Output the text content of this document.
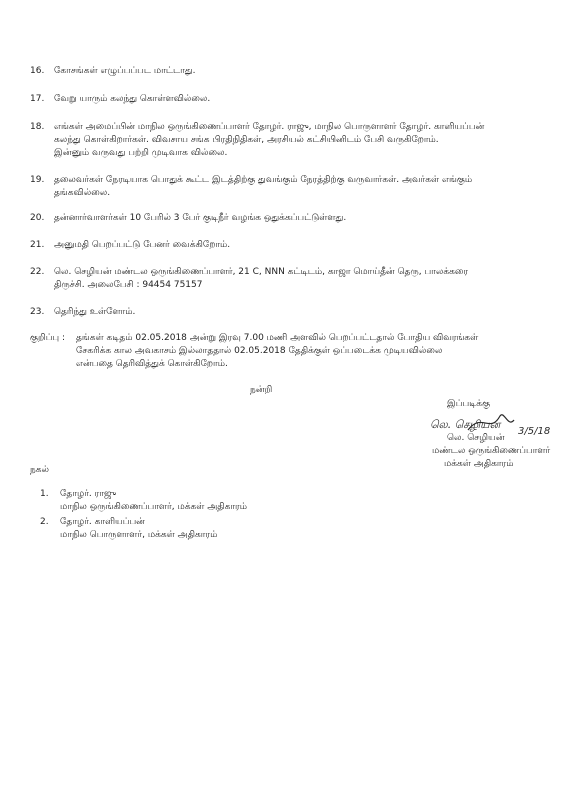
16. கோசங்கள் எழுப்பப்பட மாட்டாது.
17. வேறு யாரும் கலந்து கொள்ளவில்லை.
18. எங்கள் அமைப்பின் மாநில ஒருங்கிணைப்பாளர் தோழர். ராஜு, மாநில பொருளாளர் தோழர். காளியப்பன்
கலந்து கொள்கிறார்கள். விவசாய சங்க பிரதிநிதிகள், அரசியல் கட்சியினிடம் பேசி வருகிறோம்.
இன்னும் வருவது பற்றி முடிவாக வில்லை.
19. தலைவர்கள் நேரடியாக பொதுக் கூட்ட இடத்திற்கு துவங்கும் நேரத்திற்கு வருவார்கள். அவர்கள் எங்கும்
தங்கவில்லை.
20. தன்னார்வாளர்கள் 10 பேரில் 3 பேர் குடிநீர் வழங்க ஒதுக்கப்பட்டுள்ளது.
21. அனுமதி பெறப்பட்டு பேனர் வைக்கிறோம்.
22. லெ. செழியன் மண்டல ஒருங்கிணைப்பாளர், 21 C, NNN கட்டிடம், காஜா மொய்தீன் தெரு, பாலக்கரை
திருச்சி. அலைபேசி : 94454 75157
23. தெரிந்து உள்ளோம்.
குறிப்பு : தங்கள் கடிதம் 02.05.2018 அன்று இரவு 7.00 மணி அளவில் பெறப்பட்டதால் போதிய விவரங்கள்
சேகரிக்க கால அவகாசம் இல்லாததால் 02.05.2018 தேதிக்குள் ஒப்படைக்க முடியவில்லை
என்பதை தெரிவித்துக் கொள்கிறோம்.
நன்றி
இப்படிக்கு
லெ. செழியன்
3/5/18
லெ. செழியன்
மண்டல ஒருங்கிணைப்பாளர்
மக்கள் அதிகாரம்
நகல்
1. தோழர். ராஜு
மாநில ஒருங்கிணைப்பாளர், மக்கள் அதிகாரம்
2. தோழர். காளியப்பன்
மாநில பொருளாளர், மக்கள் அதிகாரம்
